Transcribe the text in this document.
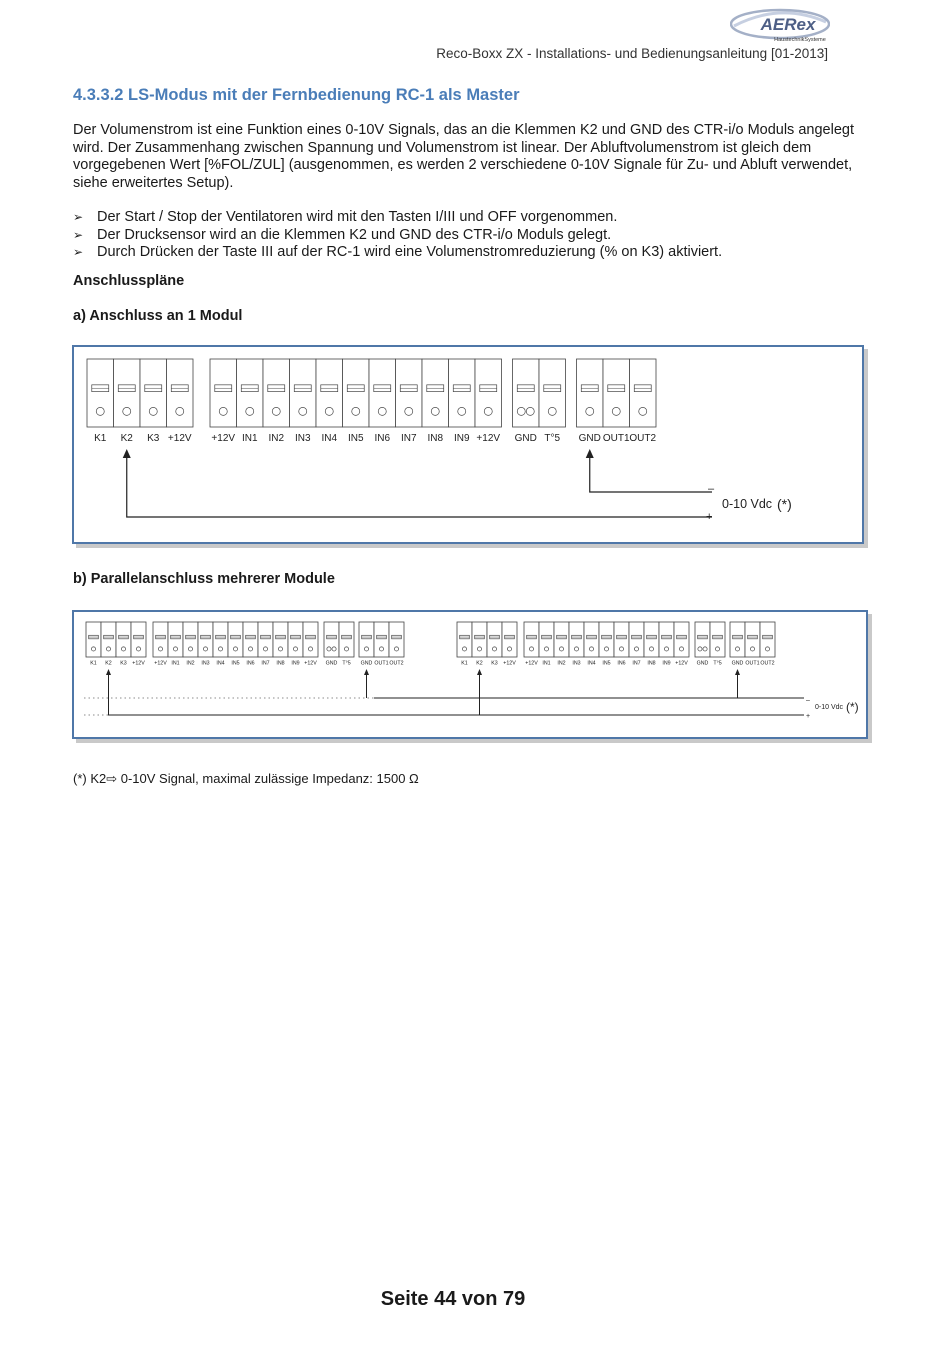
AERex
HaustechnikSysteme
Reco-Boxx ZX - Installations- und Bedienungsanleitung [01-2013]
4.3.3.2 LS-Modus mit der Fernbedienung RC-1 als Master

Der Volumenstrom ist eine Funktion eines 0-10V Signals, das an die Klemmen K2 und GND des CTR-i/o Moduls angelegt wird. Der Zusammenhang zwischen Spannung und Volumenstrom ist linear. Der Abluftvolumenstrom ist gleich dem vorgegebenen Wert [%FOL/ZUL] (ausgenommen, es werden 2 verschiedene 0-10V Signale für Zu- und Abluft verwendet, siehe erweitertes Setup).

➢ Der Start / Stop der Ventilatoren wird mit den Tasten I/III und OFF vorgenommen.
➢ Der Drucksensor wird an die Klemmen K2 und GND des CTR-i/o Moduls gelegt.
➢ Durch Drücken der Taste III auf der RC-1 wird eine Volumenstromreduzierung (% on K3) aktiviert.
Anschlusspläne
a) Anschluss an 1 Modul
K1 K2 K3 +12V +12V IN1 IN2 IN3 IN4 IN5 IN6 IN7 IN8 IN9 +12V GND T°5 GND OUT1 OUT2
–
+
0-10 Vdc (*)
b) Parallelanschluss mehrerer Module
K1 K2 K3 +12V +12V IN1 IN2 IN3 IN4 IN5 IN6 IN7 IN8 IN9 +12V GND T°5 GND OUT1 OUT2	K1 K2 K3 +12V +12V IN1 IN2 IN3 IN4 IN5 IN6 IN7 IN8 IN9 +12V GND T°5 GND OUT1 OUT2
–
+
0-10 Vdc (*)
(*) K2⇨ 0-10V Signal, maximal zulässige Impedanz: 1500 Ω
Seite 44 von 79
